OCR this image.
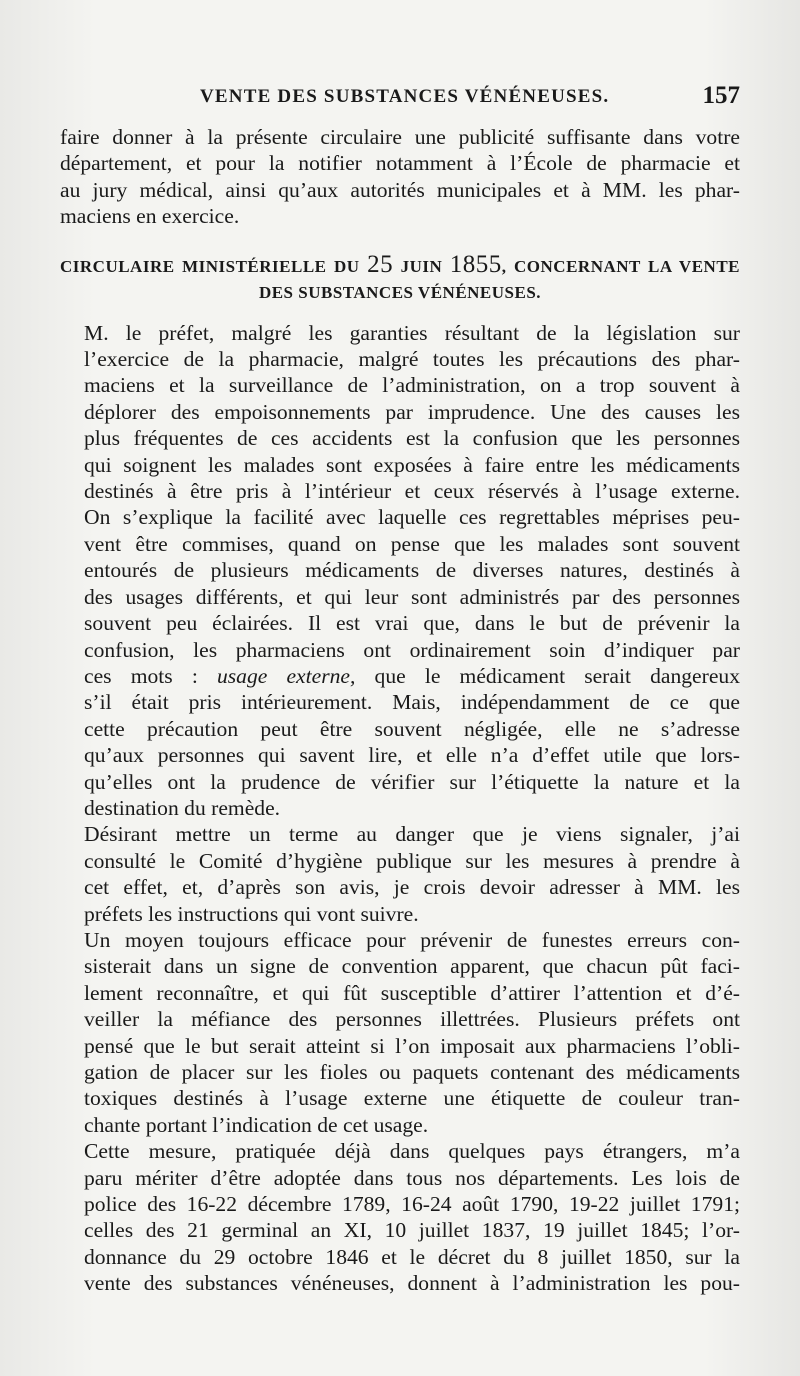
VENTE DES SUBSTANCES VÉNÉNEUSES.	157

faire donner à la présente circulaire une publicité suffisante dans votre
département, et pour la notifier notamment à l’École de pharmacie et
au jury médical, ainsi qu’aux autorités municipales et à MM. les phar-
maciens en exercice.

CIRCULAIRE MINISTÉRIELLE DU 25 JUIN 1855, CONCERNANT LA VENTE
DES SUBSTANCES VÉNÉNEUSES.

M. le préfet, malgré les garanties résultant de la législation sur
l’exercice de la pharmacie, malgré toutes les précautions des phar-
maciens et la surveillance de l’administration, on a trop souvent à
déplorer des empoisonnements par imprudence. Une des causes les
plus fréquentes de ces accidents est la confusion que les personnes
qui soignent les malades sont exposées à faire entre les médicaments
destinés à être pris à l’intérieur et ceux réservés à l’usage externe.
On s’explique la facilité avec laquelle ces regrettables méprises peu-
vent être commises, quand on pense que les malades sont souvent
entourés de plusieurs médicaments de diverses natures, destinés à
des usages différents, et qui leur sont administrés par des personnes
souvent peu éclairées. Il est vrai que, dans le but de prévenir la
confusion, les pharmaciens ont ordinairement soin d’indiquer par
ces mots : usage externe, que le médicament serait dangereux
s’il était pris intérieurement. Mais, indépendamment de ce que
cette précaution peut être souvent négligée, elle ne s’adresse
qu’aux personnes qui savent lire, et elle n’a d’effet utile que lors-
qu’elles ont la prudence de vérifier sur l’étiquette la nature et la
destination du remède.

Désirant mettre un terme au danger que je viens signaler, j’ai
consulté le Comité d’hygiène publique sur les mesures à prendre à
cet effet, et, d’après son avis, je crois devoir adresser à MM. les
préfets les instructions qui vont suivre.

Un moyen toujours efficace pour prévenir de funestes erreurs con-
sisterait dans un signe de convention apparent, que chacun pût faci-
lement reconnaître, et qui fût susceptible d’attirer l’attention et d’é-
veiller la méfiance des personnes illettrées. Plusieurs préfets ont
pensé que le but serait atteint si l’on imposait aux pharmaciens l’obli-
gation de placer sur les fioles ou paquets contenant des médicaments
toxiques destinés à l’usage externe une étiquette de couleur tran-
chante portant l’indication de cet usage.

Cette mesure, pratiquée déjà dans quelques pays étrangers, m’a
paru mériter d’être adoptée dans tous nos départements. Les lois de
police des 16-22 décembre 1789, 16-24 août 1790, 19-22 juillet 1791;
celles des 21 germinal an XI, 10 juillet 1837, 19 juillet 1845; l’or-
donnance du 29 octobre 1846 et le décret du 8 juillet 1850, sur la
vente des substances vénéneuses, donnent à l’administration les pou-
